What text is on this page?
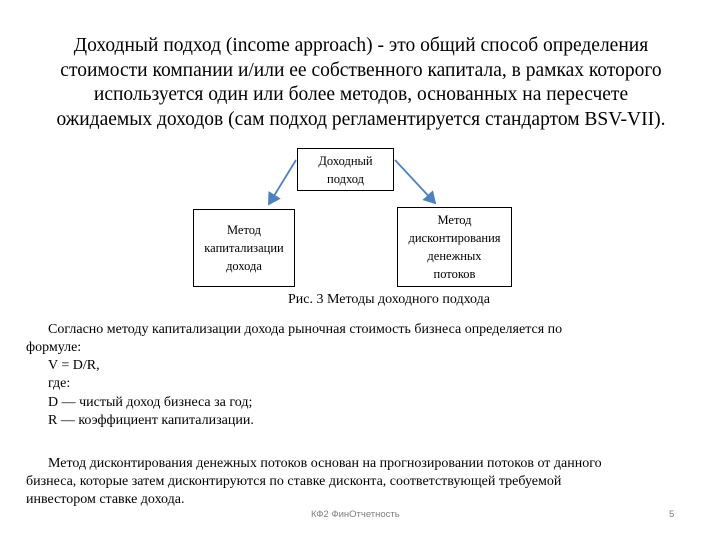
Доходный подход (income approach) - это общий способ определения
стоимости компании и/или ее собственного капитала, в рамках которого
используется один или более методов, основанных на пересчете
ожидаемых доходов (сам подход регламентируется стандартом BSV-VII).
Доходный
подход
Метод
капитализации
дохода
Метод
дисконтирования
денежных
потоков
Рис. 3 Методы доходного подхода
Согласно методу капитализации дохода рыночная стоимость бизнеса определяется по
формуле:
V = D/R,
где:
D — чистый доход бизнеса за год;
R — коэффициент капитализации.
Метод дисконтирования денежных потоков основан на прогнозировании потоков от данного
бизнеса, которые затем дисконтируются по ставке дисконта, соответствующей требуемой
инвестором ставке дохода.
КФ2 ФинОтчетность	5
